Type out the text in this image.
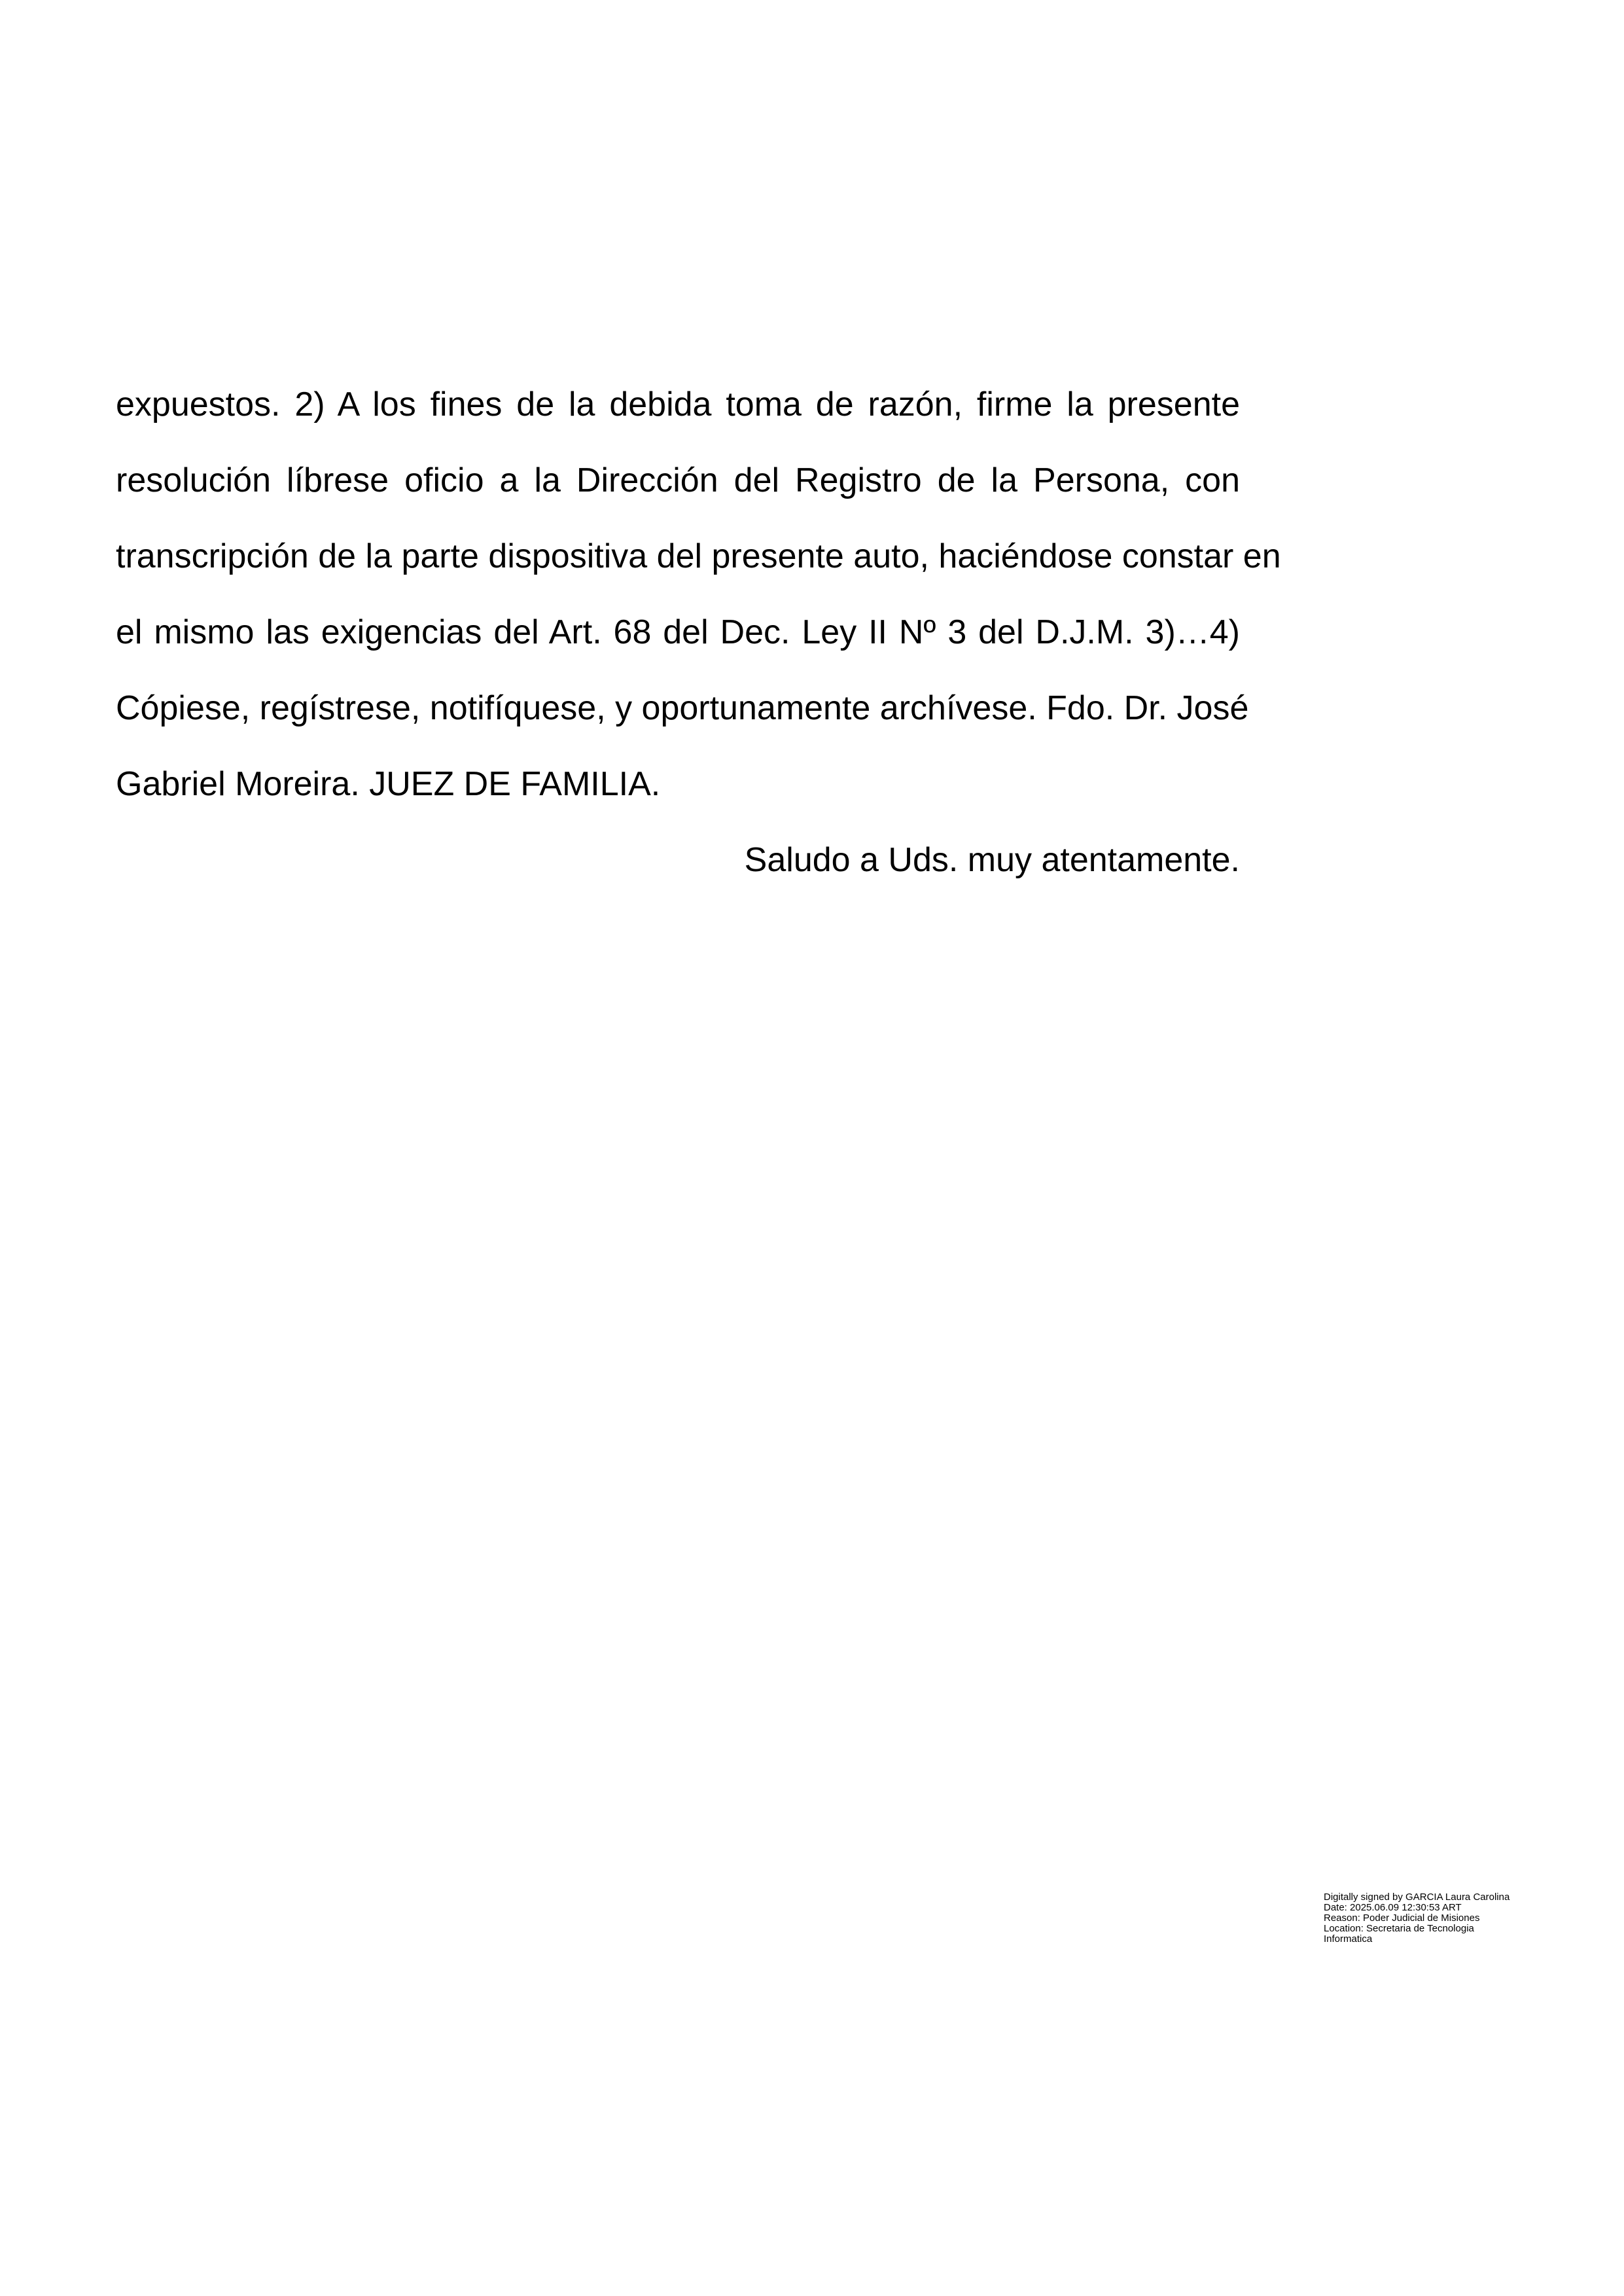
expuestos. 2) A los fines de la debida toma de razón, firme la presente
resolución líbrese oficio a la Dirección del Registro de la Persona, con
transcripción de la parte dispositiva del presente auto, haciéndose constar en
el mismo las exigencias del Art. 68 del Dec. Ley II Nº 3 del D.J.M. 3)…4)
Cópiese, regístrese, notifíquese, y oportunamente archívese. Fdo. Dr. José
Gabriel Moreira. JUEZ DE FAMILIA.
Saludo a Uds. muy atentamente.
Digitally signed by GARCIA Laura Carolina
Date: 2025.06.09 12:30:53 ART
Reason: Poder Judicial de Misiones
Location: Secretaria de Tecnologia
Informatica
